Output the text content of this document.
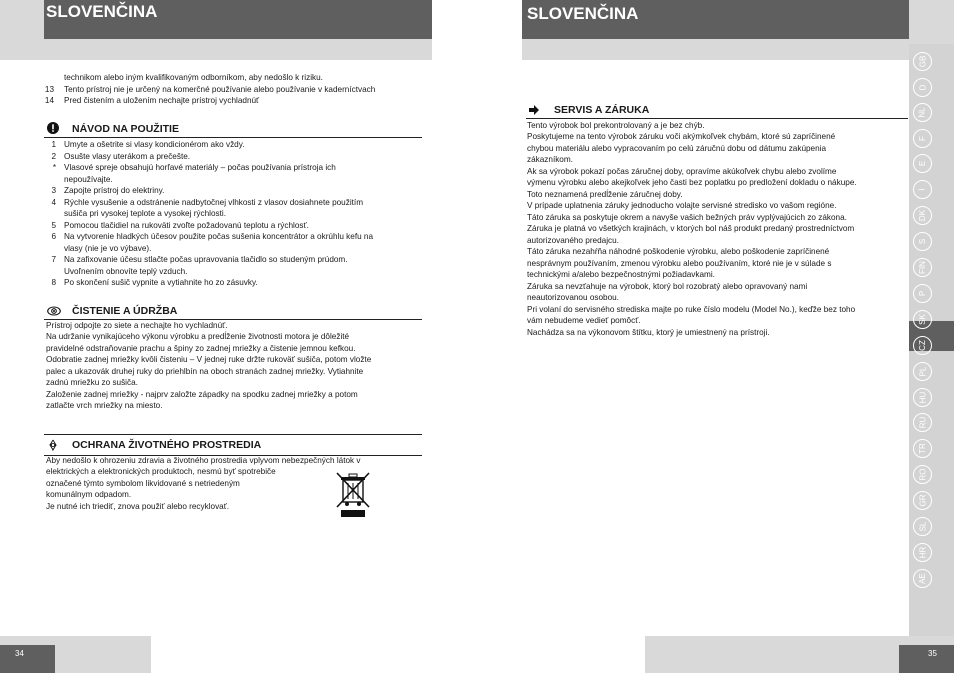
SLOVENČINA	SLOVENČINA
technikom alebo iným kvalifikovaným odborníkom, aby nedošlo k riziku.
13 Tento prístroj nie je určený na komerčné používanie alebo používanie v kaderníctvach
14 Pred čistením a uložením nechajte prístroj vychladnúť
NÁVOD NA POUŽITIE
1 Umyte a ošetrite si vlasy kondicionérom ako vždy.
2 Osušte vlasy uterákom a prečešte.
* Vlasové spreje obsahujú horľavé materiály – počas používania prístroja ich
nepoužívajte.
3 Zapojte prístroj do elektriny.
4 Rýchle vysušenie a odstránenie nadbytočnej vlhkosti z vlasov dosiahnete použitím
sušiča pri vysokej teplote a vysokej rýchlosti.
5 Pomocou tlačidiel na rukoväti zvoľte požadovanú teplotu a rýchlosť.
6 Na vytvorenie hladkých účesov použite počas sušenia koncentrátor a okrúhlu kefu na
vlasy (nie je vo výbave).
7 Na zafixovanie účesu stlačte počas upravovania tlačidlo so studeným prúdom.
Uvoľnením obnovíte teplý vzduch.
8 Po skončení sušič vypnite a vytiahnite ho zo zásuvky.
ČISTENIE A ÚDRŽBA
Prístroj odpojte zo siete a nechajte ho vychladnúť.
Na udržanie vynikajúceho výkonu výrobku a predĺženie životnosti motora je dôležité
pravidelné odstraňovanie prachu a špiny zo zadnej mriežky a čistenie jemnou kefkou.
Odobratie zadnej mriežky kvôli čisteniu – V jednej ruke držte rukoväť sušiča, potom vložte
palec a ukazovák druhej ruky do priehlbín na oboch stranách zadnej mriežky. Vytiahnite
zadnú mriežku zo sušiča.
Založenie zadnej mriežky - najprv založte západky na spodku zadnej mriežky a potom
zatlačte vrch mriežky na miesto.
OCHRANA ŽIVOTNÉHO PROSTREDIA
Aby nedošlo k ohrozeniu zdravia a životného prostredia vplyvom nebezpečných látok v
elektrických a elektronických produktoch, nesmú byť spotrebiče
označené týmto symbolom likvidované s netriedeným
komunálnym odpadom.
Je nutné ich triediť, znova použiť alebo recyklovať.
SERVIS A ZÁRUKA
Tento výrobok bol prekontrolovaný a je bez chýb.
Poskytujeme na tento výrobok záruku voči akýmkoľvek chybám, ktoré sú zapríčinené
chybou materiálu alebo vypracovaním po celú záručnú dobu od dátumu zakúpenia
zákazníkom.
Ak sa výrobok pokazí počas záručnej doby, opravíme akúkoľvek chybu alebo zvolíme
výmenu výrobku alebo akejkoľvek jeho časti bez poplatku po predložení dokladu o nákupe.
Toto neznamená predĺženie záručnej doby.
V prípade uplatnenia záruky jednoducho volajte servisné stredisko vo vašom regióne.
Táto záruka sa poskytuje okrem a navyše vašich bežných práv vyplývajúcich zo zákona.
Záruka je platná vo všetkých krajinách, v ktorých bol náš produkt predaný prostredníctvom
autorizovaného predajcu.
Táto záruka nezahŕňa náhodné poškodenie výrobku, alebo poškodenie zapríčinené
nesprávnym používaním, zmenou výrobku alebo používaním, ktoré nie je v súlade s
technickými a/alebo bezpečnostnými požiadavkami.
Záruka sa nevzťahuje na výrobok, ktorý bol rozobratý alebo opravovaný nami
neautorizovanou osobou.
Pri volaní do servisného strediska majte po ruke číslo modelu (Model No.), keďže bez toho
vám nebudeme vedieť pomôcť.
Nachádza sa na výkonovom štítku, ktorý je umiestnený na prístroji.
GB
D
NL
F
E
I
DK
S
FIN
P
SK
CZ
PL
HU
RU
TR
RO
GR
SL
HR
AE
34	35
